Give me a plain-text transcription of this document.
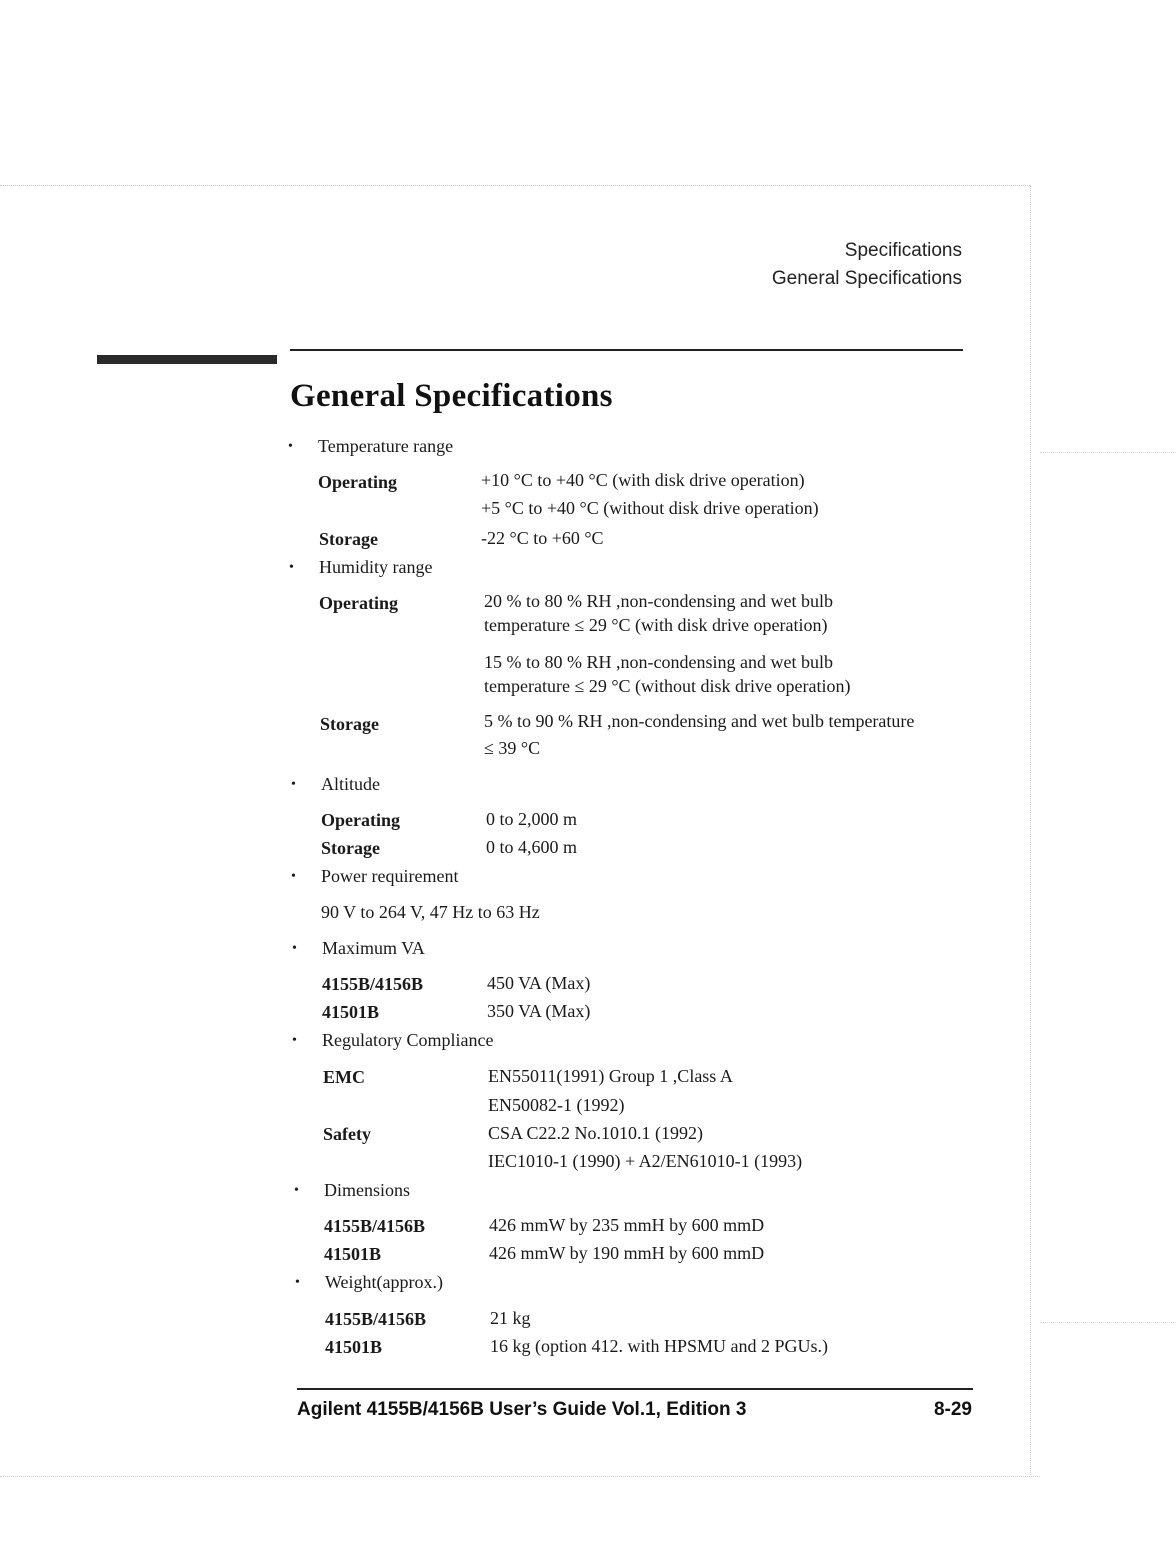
Specifications
General Specifications
General Specifications
• Temperature range
Operating	+10 °C to +40 °C (with disk drive operation)
+5 °C to +40 °C (without disk drive operation)
Storage	-22 °C to +60 °C
• Humidity range
Operating	20 % to 80 % RH ,non-condensing and wet bulb
temperature ≤ 29 °C (with disk drive operation)
15 % to 80 % RH ,non-condensing and wet bulb
temperature ≤ 29 °C (without disk drive operation)
Storage	5 % to 90 % RH ,non-condensing and wet bulb temperature
≤ 39 °C
• Altitude
Operating	0 to 2,000 m
Storage	0 to 4,600 m
• Power requirement
90 V to 264 V, 47 Hz to 63 Hz
• Maximum VA
4155B/4156B	450 VA (Max)
41501B	350 VA (Max)
• Regulatory Compliance
EMC	EN55011(1991) Group 1 ,Class A
EN50082-1 (1992)
Safety	CSA C22.2 No.1010.1 (1992)
IEC1010-1 (1990) + A2/EN61010-1 (1993)
• Dimensions
4155B/4156B	426 mmW by 235 mmH by 600 mmD
41501B	426 mmW by 190 mmH by 600 mmD
• Weight(approx.)
4155B/4156B	21 kg
41501B	16 kg (option 412. with HPSMU and 2 PGUs.)
Agilent 4155B/4156B User’s Guide Vol.1, Edition 3	8-29
